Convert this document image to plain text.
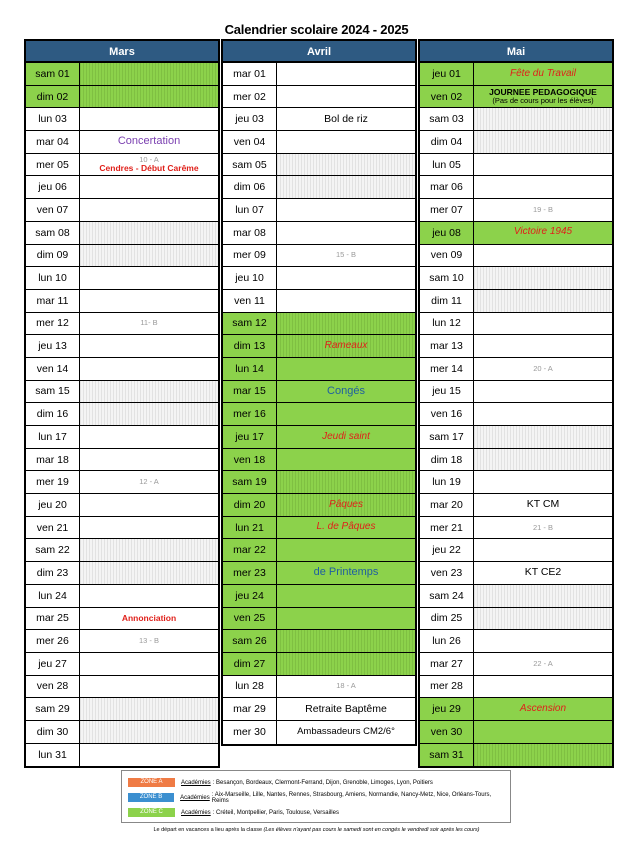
Calendrier scolaire 2024 - 2025
Mars
sam 01
dim 02
lun 03
mar 04	Concertation
mer 05	10 - A
Cendres - Début Carême
jeu 06
ven 07
sam 08
dim 09
lun 10
mar 11
mer 12	11- B
jeu 13
ven 14
sam 15
dim 16
lun 17
mar 18
mer 19	12 - A
jeu 20
ven 21
sam 22
dim 23
lun 24
mar 25	Annonciation
mer 26	13 - B
jeu 27
ven 28
sam 29
dim 30
lun 31
Avril
mar 01
mer 02
jeu 03	Bol de riz
ven 04
sam 05
dim 06
lun 07
mar 08
mer 09	15 - B
jeu 10
ven 11
sam 12
dim 13	Rameaux
lun 14
mar 15	Congés
mer 16
jeu 17	Jeudi saint
ven 18
sam 19
dim 20	Pâques
lun 21	L. de Pâques
mar 22
mer 23	de Printemps
jeu 24
ven 25
sam 26
dim 27
lun 28	18 - A
mar 29	Retraite Baptême
mer 30	Ambassadeurs CM2/6°
Mai
jeu 01	Fête du Travail
ven 02	JOURNEE PEDAGOGIQUE
(Pas de cours pour les élèves)
sam 03
dim 04
lun 05
mar 06
mer 07	19 - B
jeu 08	Victoire 1945
ven 09
sam 10
dim 11
lun 12
mar 13
mer 14	20 - A
jeu 15
ven 16
sam 17
dim 18
lun 19
mar 20	KT CM
mer 21	21 - B
jeu 22
ven 23	KT CE2
sam 24
dim 25
lun 26
mar 27	22 - A
mer 28
jeu 29	Ascension
ven 30
sam 31
ZONE A	Académies : Besançon, Bordeaux, Clermont-Ferrand, Dijon, Grenoble, Limoges, Lyon, Poitiers
ZONE B	Académies : Aix-Marseille, Lille, Nantes, Rennes, Strasbourg, Amiens, Normandie, Nancy-Metz, Nice, Orléans-Tours, Reims
ZONE C	Académies : Créteil, Montpellier, Paris, Toulouse, Versailles
Le départ en vacances a lieu après la classe (Les élèves n'ayant pas cours le samedi sont en congés le vendredi soir après les cours)
